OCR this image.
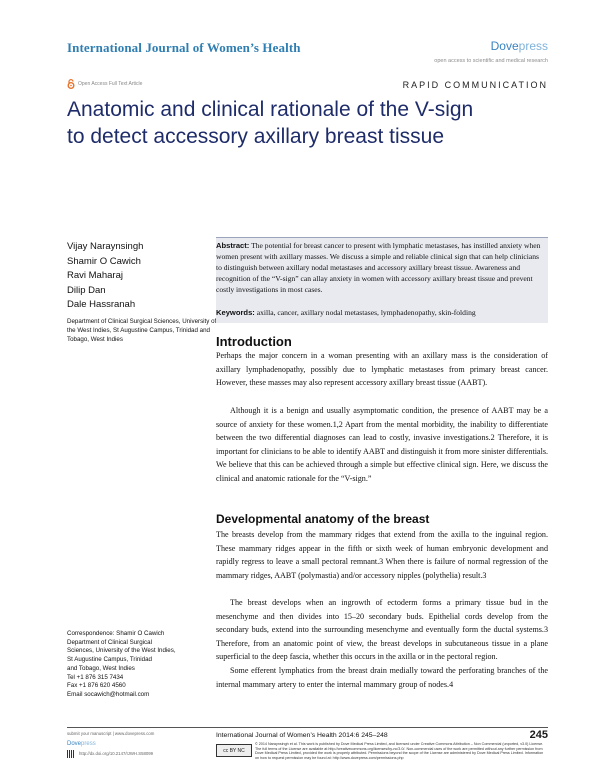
International Journal of Women’s Health	Dovepress
open access to scientific and medical research
Open Access Full Text Article	RAPID COMMUNICATION
Anatomic and clinical rationale of the V-sign
to detect accessory axillary breast tissue
Vijay Naraynsingh
Shamir O Cawich
Ravi Maharaj
Dilip Dan
Dale Hassranah
Department of Clinical Surgical Sciences, University of the West Indies, St Augustine Campus, Trinidad and Tobago, West Indies
Abstract: The potential for breast cancer to present with lymphatic metastases, has instilled anxiety when women present with axillary masses. We discuss a simple and reliable clinical sign that can help clinicians to distinguish between axillary nodal metastases and accessory axillary breast tissue. Awareness and recognition of the “V-sign” can allay anxiety in women with accessory axillary breast tissue and prevent costly investigations in most cases.
Keywords: axilla, cancer, axillary nodal metastases, lymphadenopathy, skin-folding
Introduction
Perhaps the major concern in a woman presenting with an axillary mass is the consideration of axillary lymphadenopathy, possibly due to lymphatic metastases from primary breast cancer. However, these masses may also represent accessory axillary breast tissue (AABT).
Although it is a benign and usually asymptomatic condition, the presence of AABT may be a source of anxiety for these women.1,2 Apart from the mental morbidity, the inability to differentiate between the two differential diagnoses can lead to costly, invasive investigations.2 Therefore, it is important for clinicians to be able to identify AABT and distinguish it from more sinister differentials. We believe that this can be achieved through a simple but effective clinical sign. Here, we discuss the clinical and anatomic rationale for the “V-sign.”
Developmental anatomy of the breast
The breasts develop from the mammary ridges that extend from the axilla to the inguinal region. These mammary ridges appear in the fifth or sixth week of human embryonic development and rapidly regress to leave a small pectoral remnant.3 When there is failure of normal regression of the mammary ridges, AABT (polymastia) and/or accessory nipples (polythelia) result.3
The breast develops when an ingrowth of ectoderm forms a primary tissue bud in the mesenchyme and then divides into 15–20 secondary buds. Epithelial cords develop from the secondary buds, extend into the surrounding mesenchyme and eventually form the ductal systems.3 Therefore, from an anatomic point of view, the breast develops in subcutaneous tissue in a plane superficial to the deep fascia, whether this occurs in the axilla or in the pectoral region.
Some efferent lymphatics from the breast drain medially toward the perforating branches of the internal mammary artery to enter the internal mammary group of nodes.4
Correspondence: Shamir O Cawich
Department of Clinical Surgical
Sciences, University of the West Indies,
St Augustine Campus, Trinidad
and Tobago, West Indies
Tel +1 876 315 7434
Fax +1 876 620 4560
Email socawich@hotmail.com
submit your manuscript | www.dovepress.com
Dovepress
http://dx.doi.org/10.2147/IJWH.S58099
International Journal of Women’s Health 2014:6 245–248	245
cc BY NC
© 2014 Naraynsingh et al. This work is published by Dove Medical Press Limited, and licensed under Creative Commons Attribution – Non Commercial (unported, v3.0) License. The full terms of the License are available at http://creativecommons.org/licenses/by-nc/3.0/. Non-commercial uses of the work are permitted without any further permission from Dove Medical Press Limited, provided the work is properly attributed. Permissions beyond the scope of the License are administered by Dove Medical Press Limited. Information on how to request permission may be found at: http://www.dovepress.com/permissions.php
